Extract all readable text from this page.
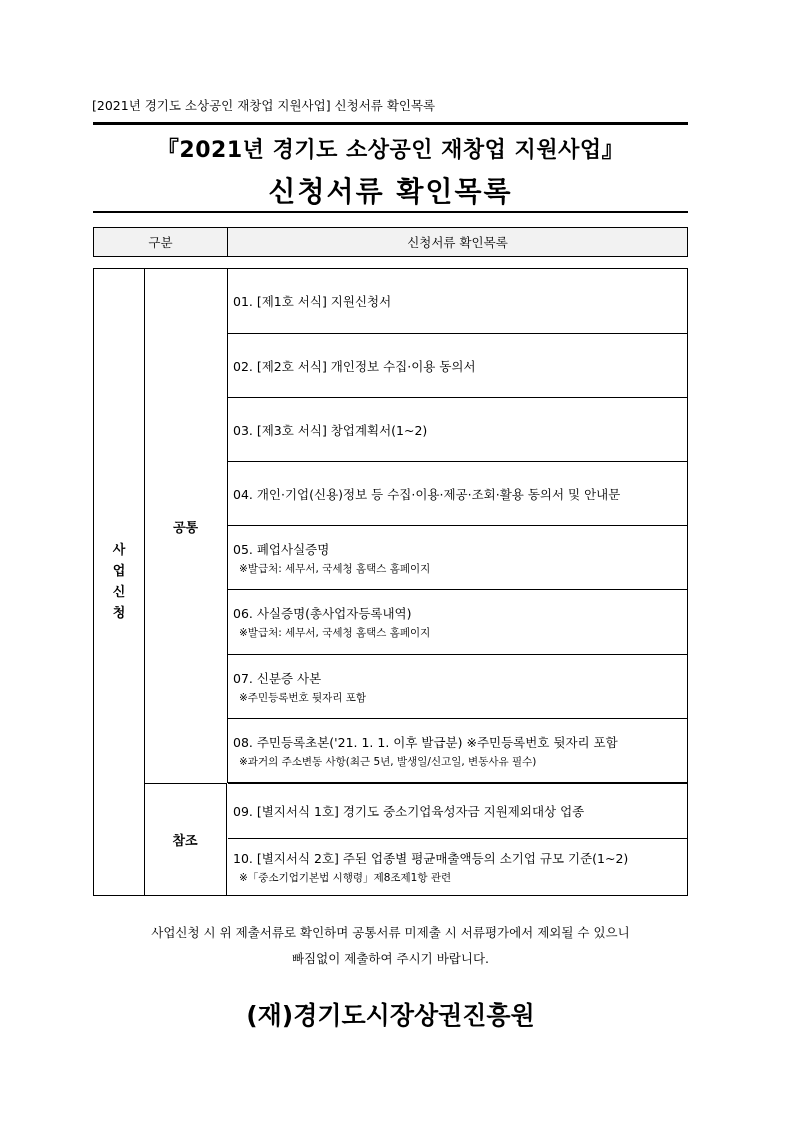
[2021년 경기도 소상공인 재창업 지원사업] 신청서류 확인목록
『2021년 경기도 소상공인 재창업 지원사업』
신청서류 확인목록
구분	신청서류 확인목록
사
업
신
청
공통
참조
01. [제1호 서식] 지원신청서
02. [제2호 서식] 개인정보 수집·이용 동의서
03. [제3호 서식] 창업계획서(1~2)
04. 개인·기업(신용)정보 등 수집·이용·제공·조회·활용 동의서 및 안내문
05. 폐업사실증명
※발급처: 세무서, 국세청 홈택스 홈페이지
06. 사실증명(총사업자등록내역)
※발급처: 세무서, 국세청 홈택스 홈페이지
07. 신분증 사본
※주민등록번호 뒷자리 포함
08. 주민등록초본('21. 1. 1. 이후 발급분) ※주민등록번호 뒷자리 포함
※과거의 주소변동 사항(최근 5년, 발생일/신고일, 변동사유 필수)
09. [별지서식 1호] 경기도 중소기업육성자금 지원제외대상 업종
10. [별지서식 2호] 주된 업종별 평균매출액등의 소기업 규모 기준(1~2)
※「중소기업기본법 시행령」제8조제1항 관련
사업신청 시 위 제출서류로 확인하며 공통서류 미제출 시 서류평가에서 제외될 수 있으니
빠짐없이 제출하여 주시기 바랍니다.
(재)경기도시장상권진흥원
